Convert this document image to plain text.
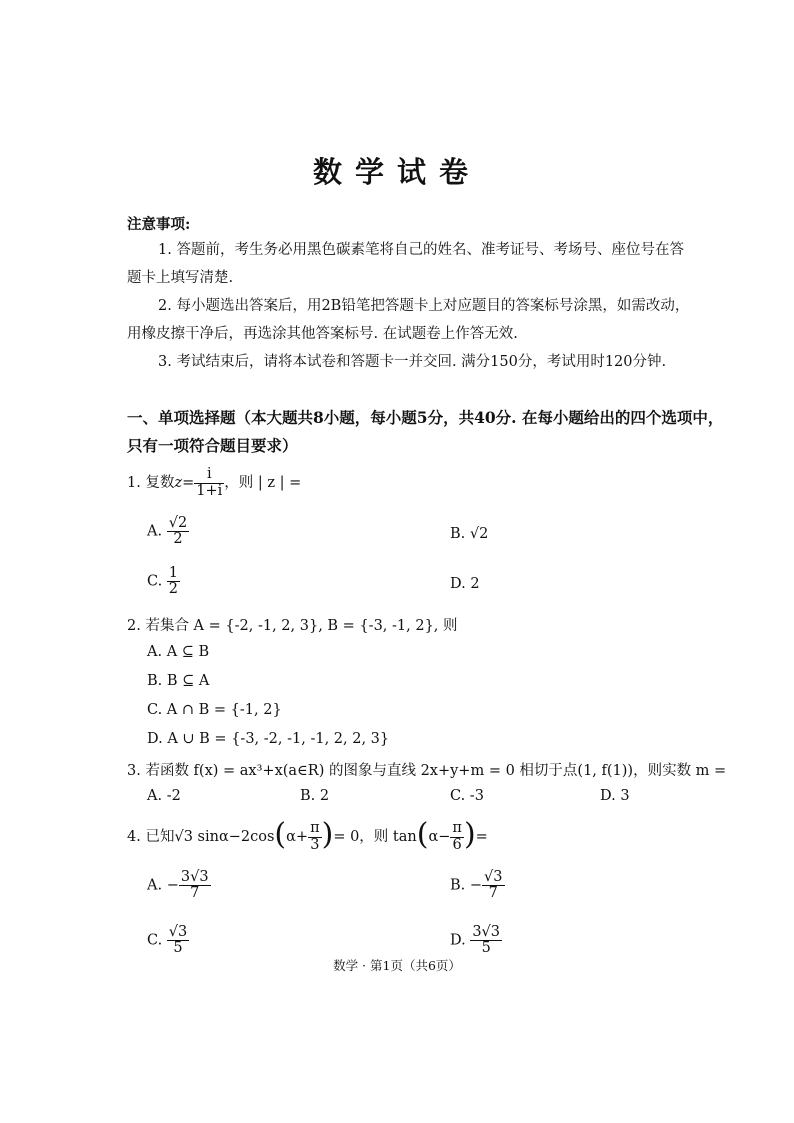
数学试卷
注意事项:
1. 答题前，考生务必用黑色碳素笔将自己的姓名、准考证号、考场号、座位号在答
题卡上填写清楚.
2. 每小题选出答案后，用2B铅笔把答题卡上对应题目的答案标号涂黑，如需改动，
用橡皮擦干净后，再选涂其他答案标号. 在试题卷上作答无效.
3. 考试结束后，请将本试卷和答题卡一并交回. 满分150分，考试用时120分钟.
一、单项选择题（本大题共8小题，每小题5分，共40分. 在每小题给出的四个选项中，
只有一项符合题目要求）
1. 复数$z= \frac{i}{1+i}$ ，则 | z | =
A. $\frac{√2}{2}$	B. √2
C. $\frac{1}{2}$	D. 2
2. 若集合 A = {-2, -1, 2, 3}, B = {-3, -1, 2}, 则
A. A ⊆ B
B. B ⊆ A
C. A ∩ B = {-1, 2}
D. A ∪ B = {-3, -2, -1, -1, 2, 2, 3}
3. 若函数 f(x) = ax³+x(a∈R) 的图象与直线 2x+y+m = 0 相切于点(1, f(1))，则实数 m =
A. -2	B. 2	C. -3	D. 3
4. 已知√3 $\sin\alpha-2\cos(\alpha+ \frac{\pi}{3}$ )= 0，则 $\tan(\alpha- \frac{\pi}{6}$ )=
A. − $\frac{3√3}{7}$	B. − $\frac{√3}{7}$
C. $\frac{√3}{5}$	D. $\frac{3√3}{5}$
数学 · 第1页（共6页）
